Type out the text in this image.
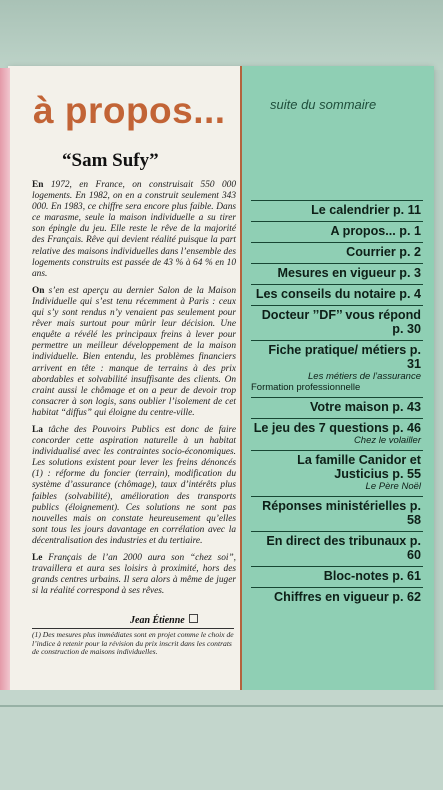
à propos...
“Sam Sufy”

En 1972, en France, on construisait 550 000 logements. En 1982, on en a construit seulement 343 000. En 1983, ce chiffre sera encore plus faible. Dans ce marasme, seule la maison individuelle a su tirer son épingle du jeu. Elle reste le rêve de la majorité des Français. Rêve qui devient réalité puisque la part relative des maisons individuelles dans l’ensemble des logements construits est passée de 43 % à 64 % en 10 ans.

On s’en est aperçu au dernier Salon de la Maison Individuelle qui s’est tenu récemment à Paris : ceux qui s’y sont rendus n’y venaient pas seulement pour rêver mais surtout pour mûrir leur décision. Une enquête a révélé les principaux freins à lever pour permettre un meilleur développement de la maison individuelle. Bien entendu, les problèmes financiers arrivent en tête : manque de terrains à des prix abordables et solvabilité insuffisante des clients. On craint aussi le chômage et on a peur de devoir trop consacrer à son logis, sans oublier l’isolement de cet habitat “diffus” qui éloigne du centre-ville.

La tâche des Pouvoirs Publics est donc de faire concorder cette aspiration naturelle à un habitat individualisé avec les contraintes socio-économiques. Les solutions existent pour lever les freins dénoncés (1) : réforme du foncier (terrain), modification du système d’assurance (chômage), taux d’intérêts plus faibles (solvabilité), amélioration des transports publics (éloignement). Ces solutions ne sont pas nouvelles mais on constate heureusement qu’elles sont tous les jours davantage en corrélation avec la décentralisation des industries et du tertiaire.

Le Français de l’an 2000 aura son “chez soi”, travaillera et aura ses loisirs à proximité, hors des grands centres urbains. Il sera alors à même de juger si la réalité correspond à ses rêves.

Jean Étienne
(1) Des mesures plus immédiates sont en projet comme le choix de l’indice à retenir pour la révision du prix inscrit dans les contrats de construction de maisons individuelles.
suite du sommaire
Le calendrier p. 11
A propos... p. 1
Courrier p. 2
Mesures en vigueur p. 3
Les conseils du notaire p. 4
Docteur ’’DF’’ vous répond p. 30
Fiche pratique/ métiers p. 31
Les métiers de l’assurance
Formation professionnelle
Votre maison p. 43
Le jeu des 7 questions p. 46
Chez le volailler
La famille Canidor et Justicius p. 55
Le Père Noël
Réponses ministérielles p. 58
En direct des tribunaux p. 60
Bloc-notes p. 61
Chiffres en vigueur p. 62
